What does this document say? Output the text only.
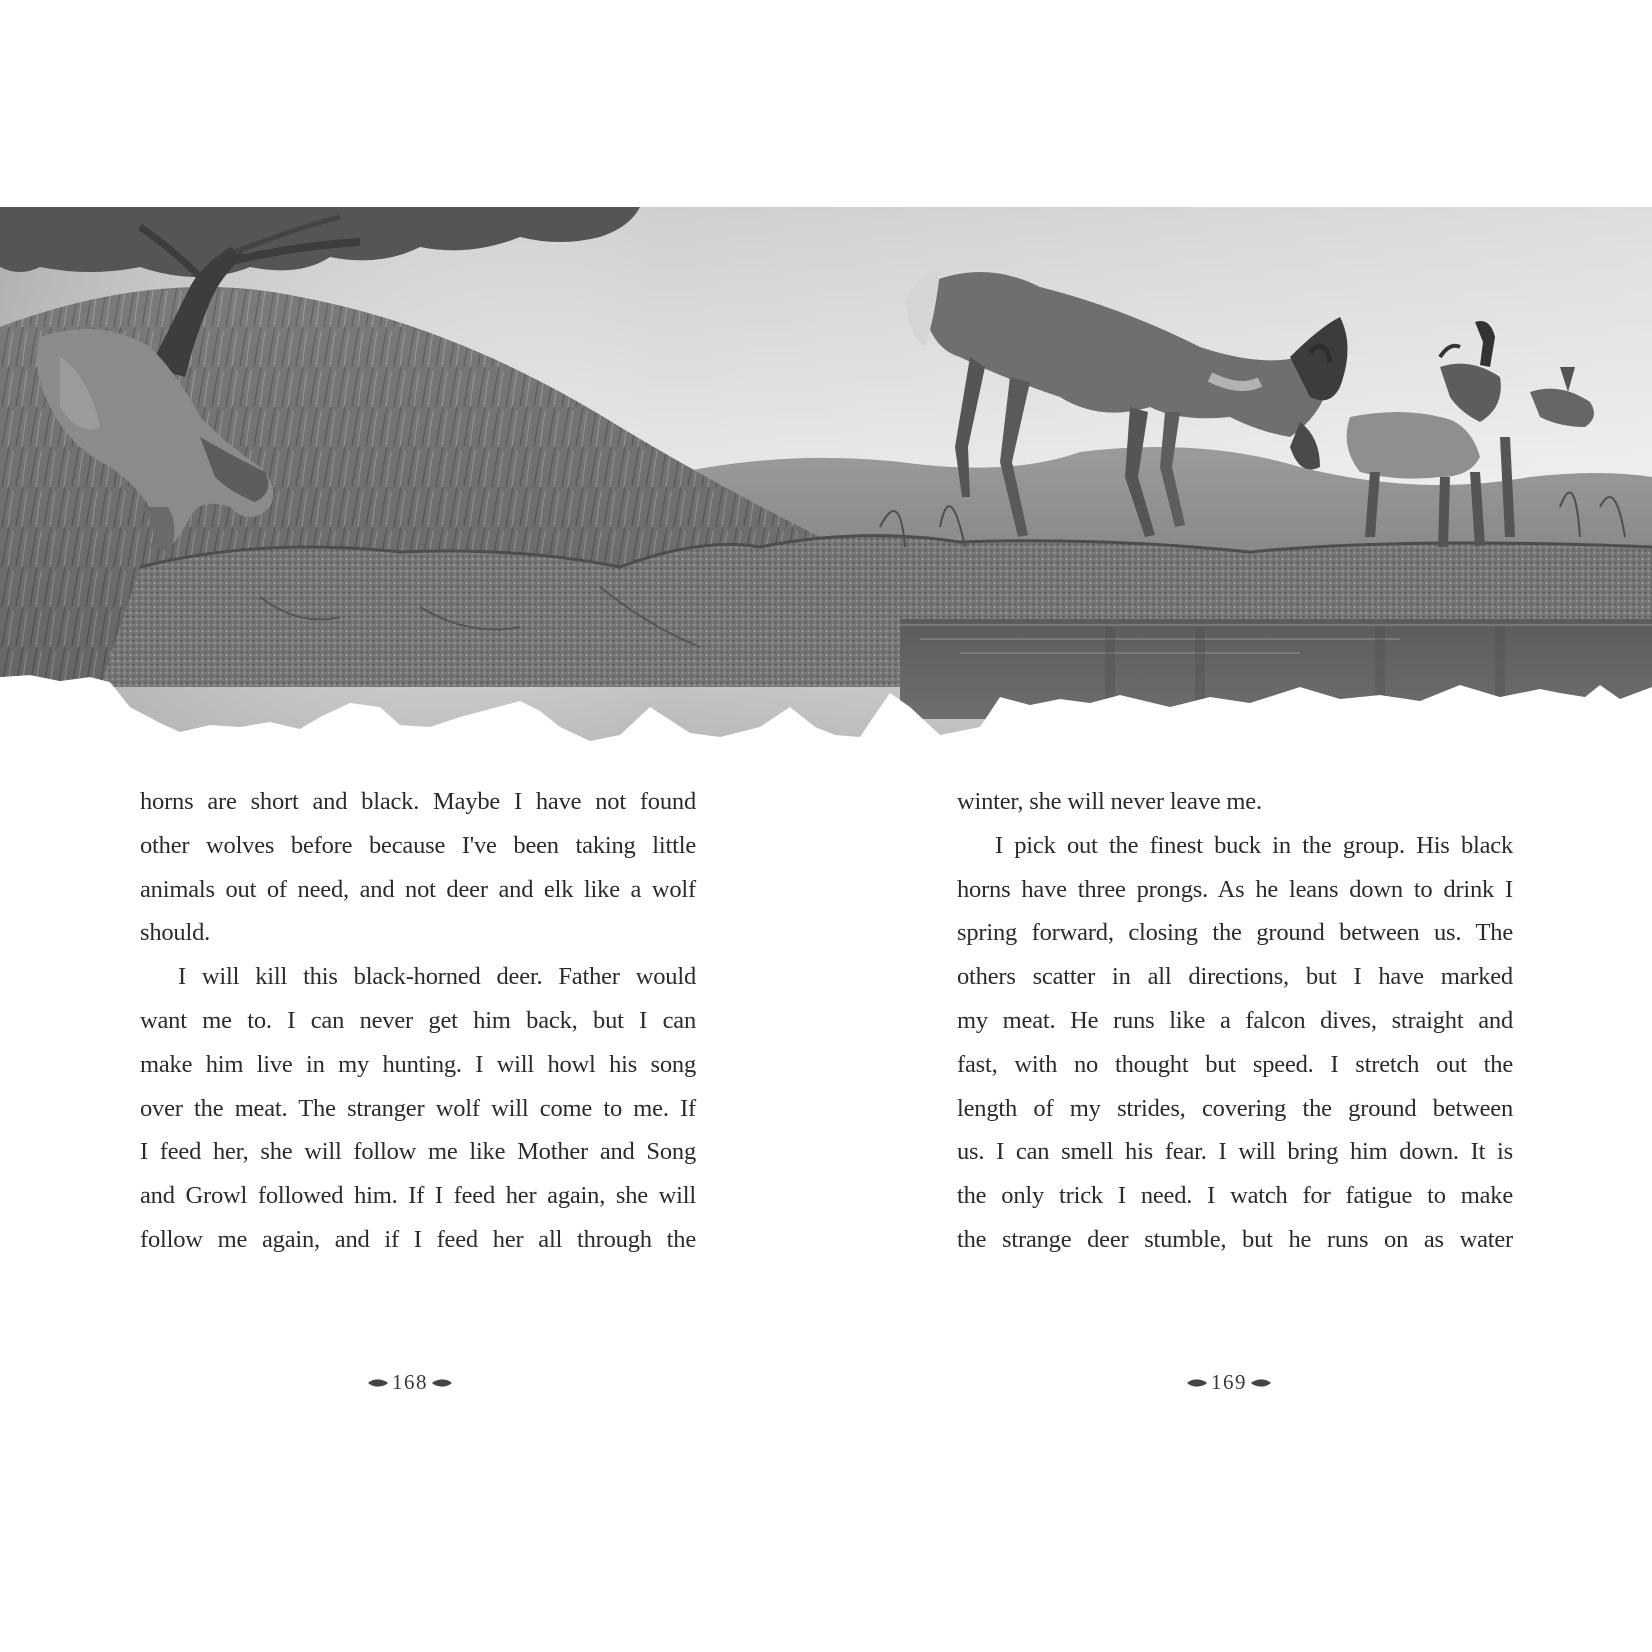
horns are short and black. Maybe I have not found
other wolves before because I've been taking little
animals out of need, and not deer and elk like a wolf
should.

I will kill this black-horned deer. Father would
want me to. I can never get him back, but I can
make him live in my hunting. I will howl his song
over the meat. The stranger wolf will come to me. If
I feed her, she will follow me like Mother and Song
and Growl followed him. If I feed her again, she will
follow me again, and if I feed her all through the

winter, she will never leave me.

I pick out the finest buck in the group. His black
horns have three prongs. As he leans down to drink I
spring forward, closing the ground between us. The
others scatter in all directions, but I have marked
my meat. He runs like a falcon dives, straight and
fast, with no thought but speed. I stretch out the
length of my strides, covering the ground between
us. I can smell his fear. I will bring him down. It is
the only trick I need. I watch for fatigue to make
the strange deer stumble, but he runs on as water

168	169
